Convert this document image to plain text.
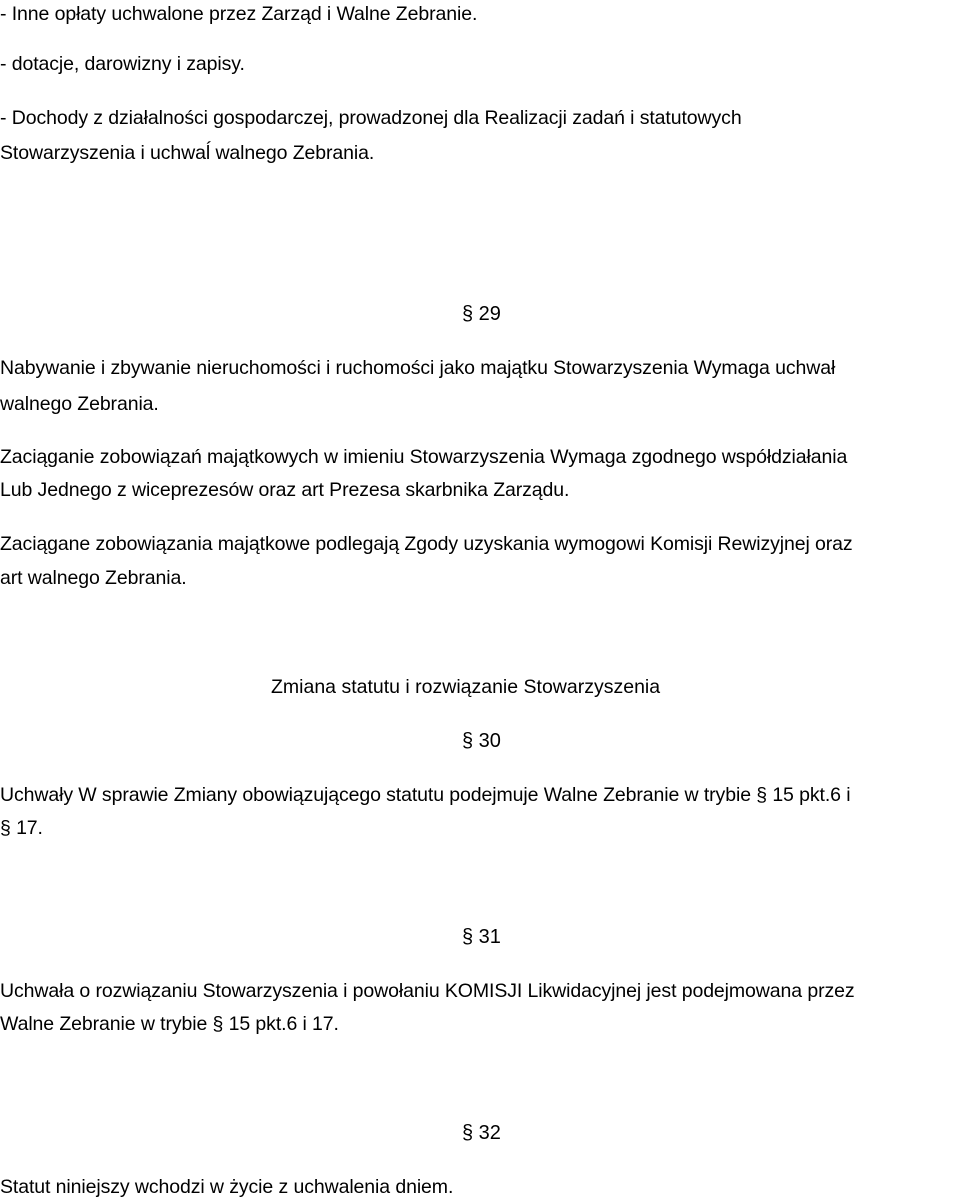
- Inne opłaty uchwalone przez Zarząd i Walne Zebranie.

- dotacje, darowizny i zapisy.

- Dochody z działalności gospodarczej, prowadzonej dla Realizacji zadań i statutowych

Stowarzyszenia i uchwaĺ walnego Zebrania.

§ 29

Nabywanie i zbywanie nieruchomości i ruchomości jako majątku Stowarzyszenia Wymaga uchwał

walnego Zebrania.

Zaciąganie zobowiązań majątkowych w imieniu Stowarzyszenia Wymaga zgodnego współdziałania

Lub Jednego z wiceprezesów oraz art Prezesa skarbnika Zarządu.

Zaciągane zobowiązania majątkowe podlegają Zgody uzyskania wymogowi Komisji Rewizyjnej oraz

art walnego Zebrania.

Zmiana statutu i rozwiązanie Stowarzyszenia

§ 30

Uchwały W sprawie Zmiany obowiązującego statutu podejmuje Walne Zebranie w trybie § 15 pkt.6 i

§ 17.

§ 31

Uchwała o rozwiązaniu Stowarzyszenia i powołaniu KOMISJI Likwidacyjnej jest podejmowana przez

Walne Zebranie w trybie § 15 pkt.6 i 17.

§ 32

Statut niniejszy wchodzi w życie z uchwalenia dniem.
